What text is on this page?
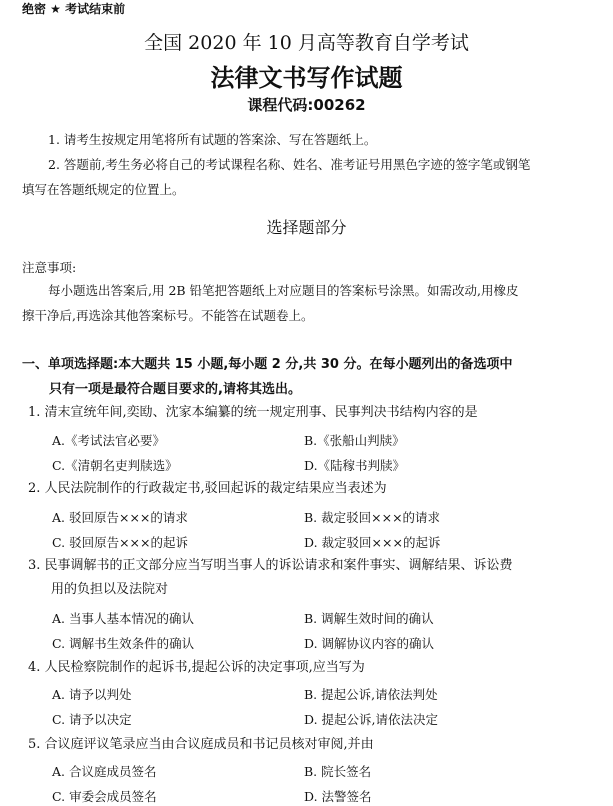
绝密 ★ 考试结束前
全国 2020 年 10 月高等教育自学考试
法律文书写作试题
课程代码:00262
1. 请考生按规定用笔将所有试题的答案涂、写在答题纸上。
2. 答题前,考生务必将自己的考试课程名称、姓名、准考证号用黑色字迹的签字笔或钢笔
填写在答题纸规定的位置上。
选择题部分
注意事项:
每小题选出答案后,用 2B 铅笔把答题纸上对应题目的答案标号涂黑。如需改动,用橡皮
擦干净后,再选涂其他答案标号。不能答在试题卷上。
一、单项选择题:本大题共 15 小题,每小题 2 分,共 30 分。在每小题列出的备选项中
只有一项是最符合题目要求的,请将其选出。
1. 清末宣统年间,奕劻、沈家本编纂的统一规定刑事、民事判决书结构内容的是
A.《考试法官必要》	B.《张船山判牍》
C.《清朝名吏判牍选》	D.《陆稼书判牍》
2. 人民法院制作的行政裁定书,驳回起诉的裁定结果应当表述为
A. 驳回原告×××的请求	B. 裁定驳回×××的请求
C. 驳回原告×××的起诉	D. 裁定驳回×××的起诉
3. 民事调解书的正文部分应当写明当事人的诉讼请求和案件事实、调解结果、诉讼费
用的负担以及法院对
A. 当事人基本情况的确认	B. 调解生效时间的确认
C. 调解书生效条件的确认	D. 调解协议内容的确认
4. 人民检察院制作的起诉书,提起公诉的决定事项,应当写为
A. 请予以判处	B. 提起公诉,请依法判处
C. 请予以决定	D. 提起公诉,请依法决定
5. 合议庭评议笔录应当由合议庭成员和书记员核对审阅,并由
A. 合议庭成员签名	B. 院长签名
C. 审委会成员签名	D. 法警签名
